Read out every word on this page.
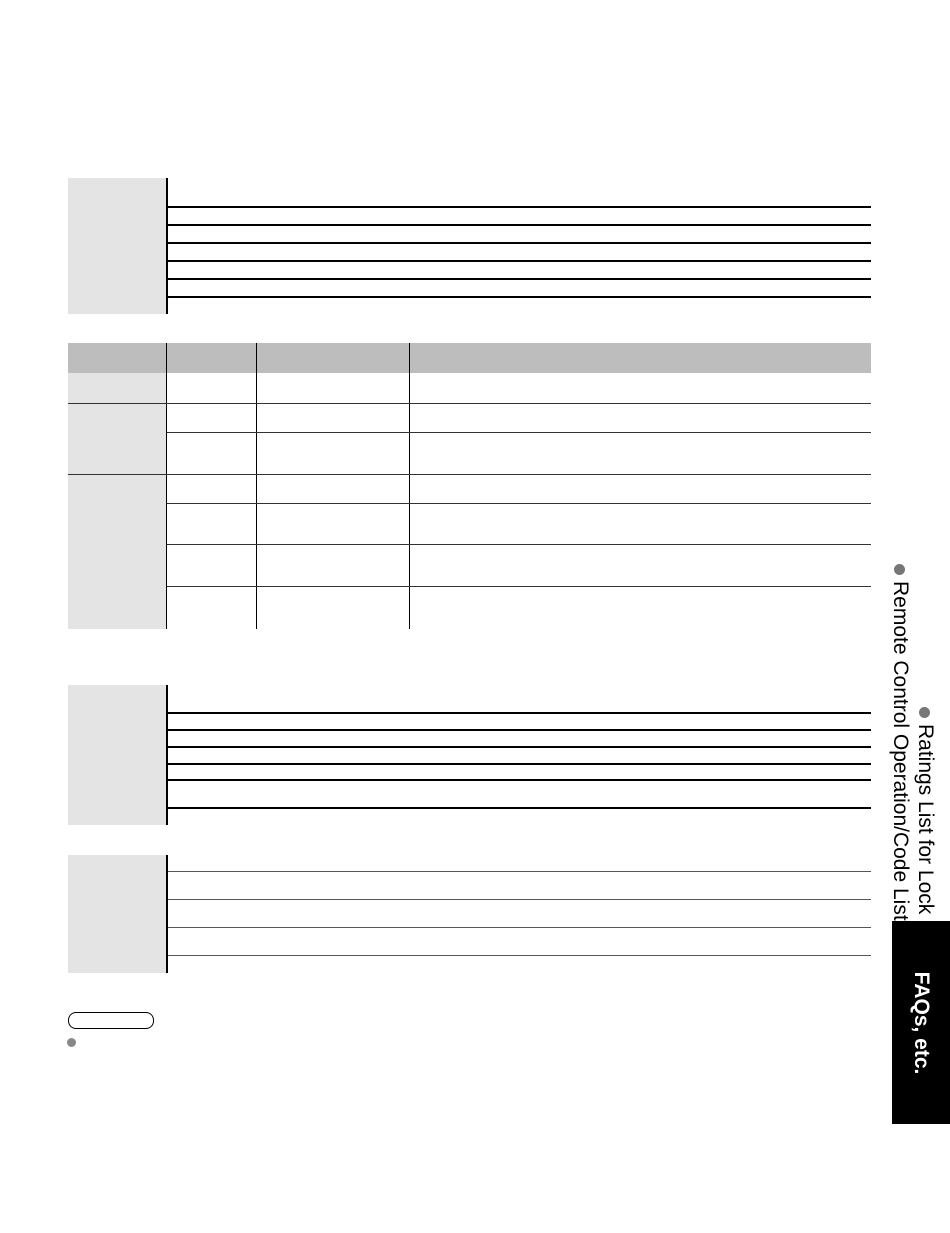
Ratings List for Lock
Remote Control Operation/Code List
FAQs, etc.
